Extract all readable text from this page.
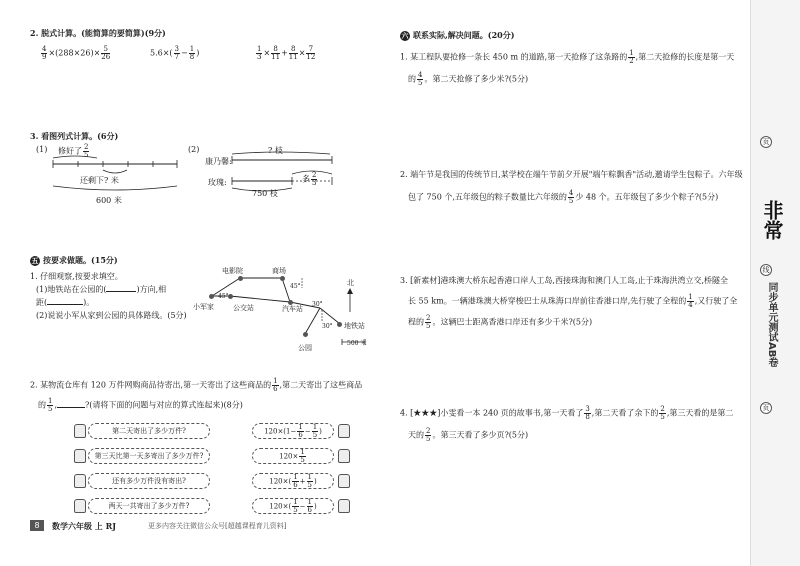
2. 脱式计算。(能简算的要简算)(9分)
$\frac{4}{9} \times(288\times 26)\times \frac{5}{26}$	$5.6\times( \frac{3}{7} - \frac{1}{8}$ )	$\frac{1}{3} \times \frac{8}{11} + \frac{8}{11} \times \frac{7}{12}$
3. 看图列式计算。(6分)
(1) 修好了 $\frac{2}{5}$
还剩下? 米
600 米
(2)
康乃馨:
? 枝
玫瑰:
750 枝
多 $\frac{2}{3}$
五 按要求做题。(15分)
1. 仔细观察,按要求填空。
(1)地铁站在公园的(	)方向,相
距(	)。
(2)说说小军从家到公园的具体路线。(5分)
电影院	商场
北
小军家	公交站	汽车站
地铁站
公园
45°
45°
30°
30°
500 米
2. 某物流仓库有 120 万件网购商品待寄出,第一天寄出了这些商品的 $\frac{1}{6}$ ,第二天寄出了这些商品
的 $\frac{1}{5}$ ,	?(请将下面的问题与对应的算式连起来)(8分)
第二天寄出了多少万件?
第三天比第一天多寄出了多少万件?
还有多少万件没有寄出?
两天一共寄出了多少万件?
$120\times(1- \frac{1}{6} - \frac{1}{5}$ )
$120\times \frac{1}{5}$
$120\times( \frac{1}{6} + \frac{1}{5}$ )
$120\times( \frac{1}{5} - \frac{1}{6}$ )
8	数学六年级 上 RJ	更多内容关注微信公众号[超越课程育儿资料]
六 联系实际,解决问题。(20分)
1. 某工程队要抢修一条长 450 m 的道路,第一天抢修了这条路的 $\frac{1}{2}$ ,第二天抢修的长度是第一天
的 $\frac{4}{5}$ 。第二天抢修了多少米?(5分)
2. 端午节是我国的传统节日,某学校在端午节前夕开展"端午粽飘香"活动,邀请学生包粽子。六年级
包了 750 个,五年级包的粽子数量比六年级的 $\frac{4}{5}$ 少 48 个。五年级包了多少个粽子?(5分)
3. [新素材]港珠澳大桥东起香港口岸人工岛,西接珠海和澳门人工岛,止于珠海洪湾立交,桥隧全
长 55 km。一辆港珠澳大桥穿梭巴士从珠海口岸前往香港口岸,先行驶了全程的 $\frac{1}{4}$ ,又行驶了全
程的 $\frac{2}{5}$ 。这辆巴士距离香港口岸还有多少千米?(5分)
4. [★★★]小雯看一本 240 页的故事书,第一天看了 $\frac{3}{8}$ ,第二天看了余下的 $\frac{2}{5}$ ,第三天看的是第二
天的 $\frac{2}{5}$ 。第三天看了多少页?(5分)
页
非常
线
同步单元测试AB卷
页
